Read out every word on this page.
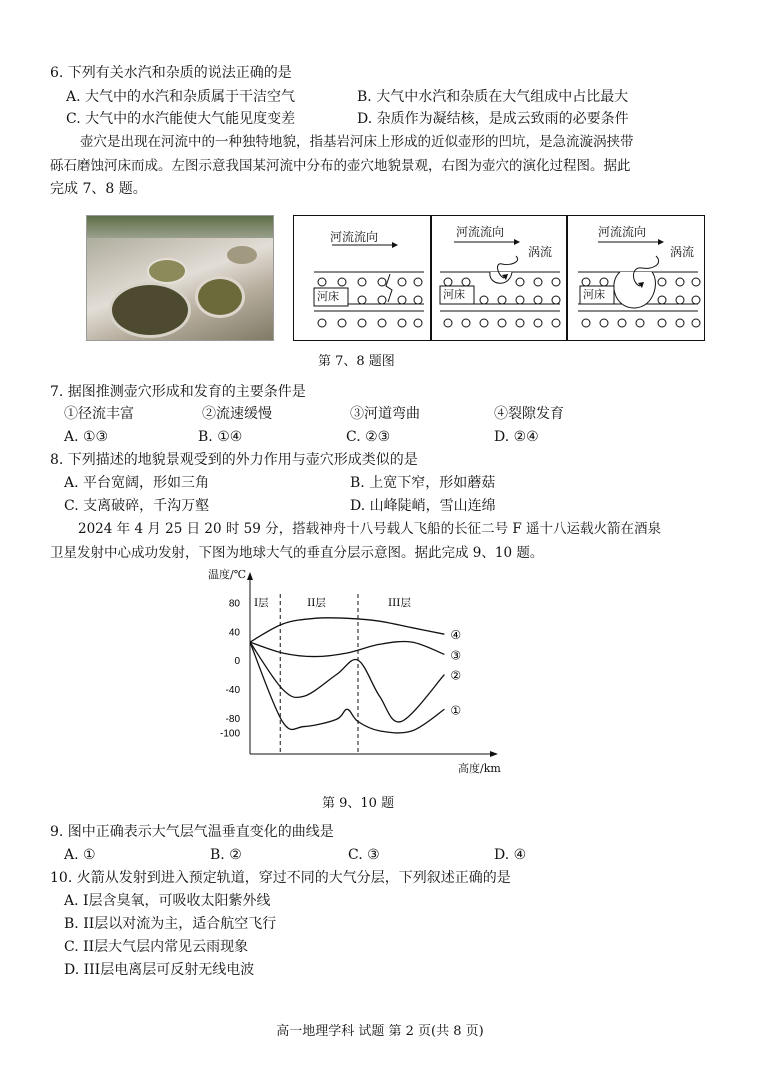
6. 下列有关水汽和杂质的说法正确的是
A. 大气中的水汽和杂质属于干洁空气	B. 大气中水汽和杂质在大气组成中占比最大
C. 大气中的水汽能使大气能见度变差	D. 杂质作为凝结核，是成云致雨的必要条件
壶穴是出现在河流中的一种独特地貌，指基岩河床上形成的近似壶形的凹坑，是急流漩涡挟带
砾石磨蚀河床而成。左图示意我国某河流中分布的壶穴地貌景观，右图为壶穴的演化过程图。据此
完成 7、8 题。
河流流向
河床
河流流向
涡流
河床
河流流向
涡流
河床
第 7、8 题图
7. 据图推测壶穴形成和发育的主要条件是
①径流丰富	②流速缓慢	③河道弯曲	④裂隙发育
A. ①③	B. ①④	C. ②③	D. ②④
8. 下列描述的地貌景观受到的外力作用与壶穴形成类似的是
A. 平台宽阔，形如三角	B. 上宽下窄，形如蘑菇
C. 支离破碎，千沟万壑	D. 山峰陡峭，雪山连绵
2024 年 4 月 25 日 20 时 59 分，搭载神舟十八号载人飞船的长征二号 F 遥十八运载火箭在酒泉
卫星发射中心成功发射，下图为地球大气的垂直分层示意图。据此完成 9、10 题。
80
40
0
-40
-80
-100
I层	II层	III层
④
③
②
①
温度/℃
高度/km
第 9、10 题
9. 图中正确表示大气层气温垂直变化的曲线是
A. ①	B. ②	C. ③	D. ④
10. 火箭从发射到进入预定轨道，穿过不同的大气分层，下列叙述正确的是
A. I层含臭氧，可吸收太阳紫外线
B. II层以对流为主，适合航空飞行
C. II层大气层内常见云雨现象
D. III层电离层可反射无线电波
高一地理学科 试题 第 2 页(共 8 页)
